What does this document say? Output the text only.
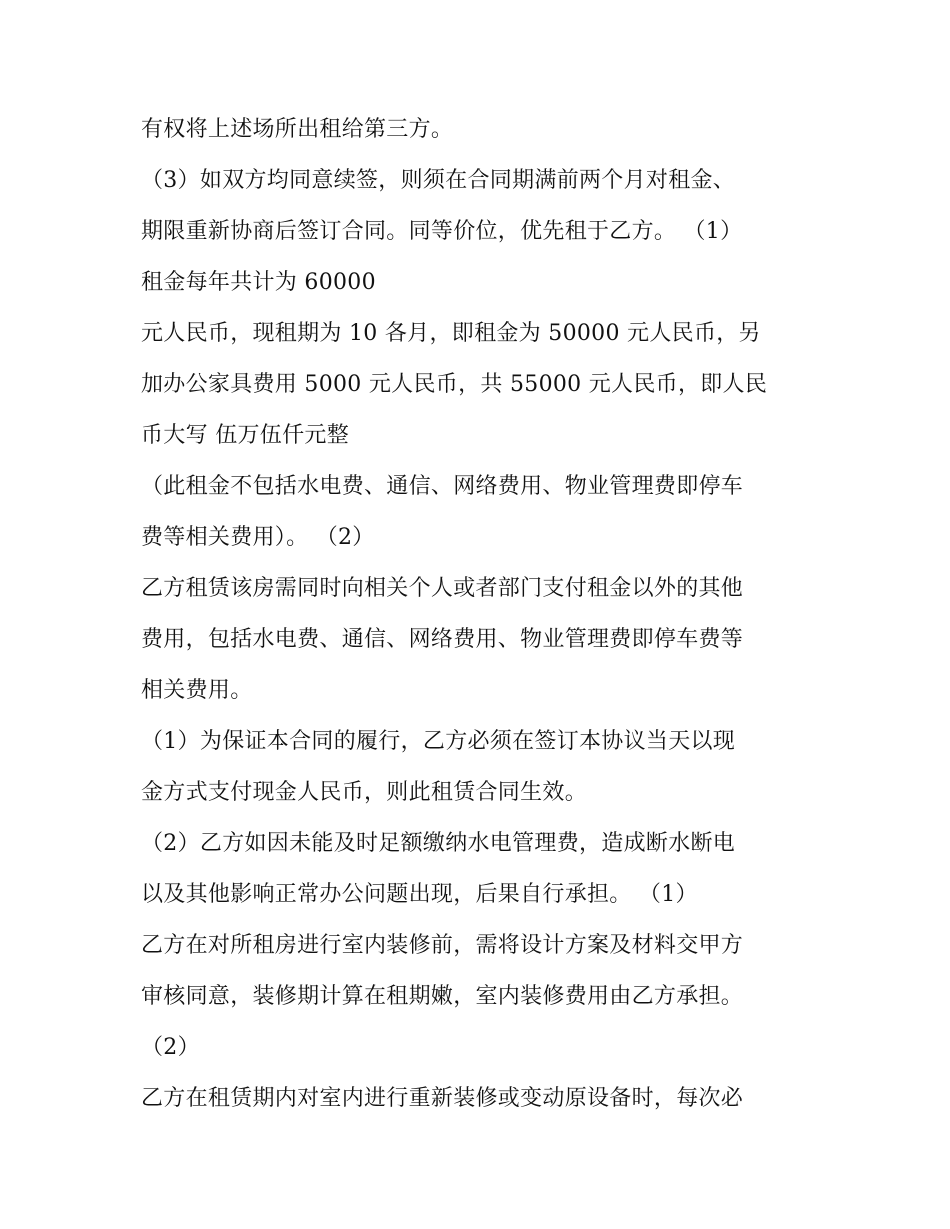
有权将上述场所出租给第三方。
（3）如双方均同意续签，则须在合同期满前两个月对租金、
期限重新协商后签订合同。同等价位，优先租于乙方。 （1）
租金每年共计为 60000
元人民币，现租期为 10 各月，即租金为 50000 元人民币，另
加办公家具费用 5000 元人民币，共 55000 元人民币，即人民
币大写 伍万伍仟元整
（此租金不包括水电费、通信、网络费用、物业管理费即停车
费等相关费用）。 （2）
乙方租赁该房需同时向相关个人或者部门支付租金以外的其他
费用，包括水电费、通信、网络费用、物业管理费即停车费等
相关费用。
（1）为保证本合同的履行，乙方必须在签订本协议当天以现
金方式支付现金人民币，则此租赁合同生效。
（2）乙方如因未能及时足额缴纳水电管理费，造成断水断电
以及其他影响正常办公问题出现，后果自行承担。 （1）
乙方在对所租房进行室内装修前，需将设计方案及材料交甲方
审核同意，装修期计算在租期嫩，室内装修费用由乙方承担。
（2）
乙方在租赁期内对室内进行重新装修或变动原设备时，每次必
